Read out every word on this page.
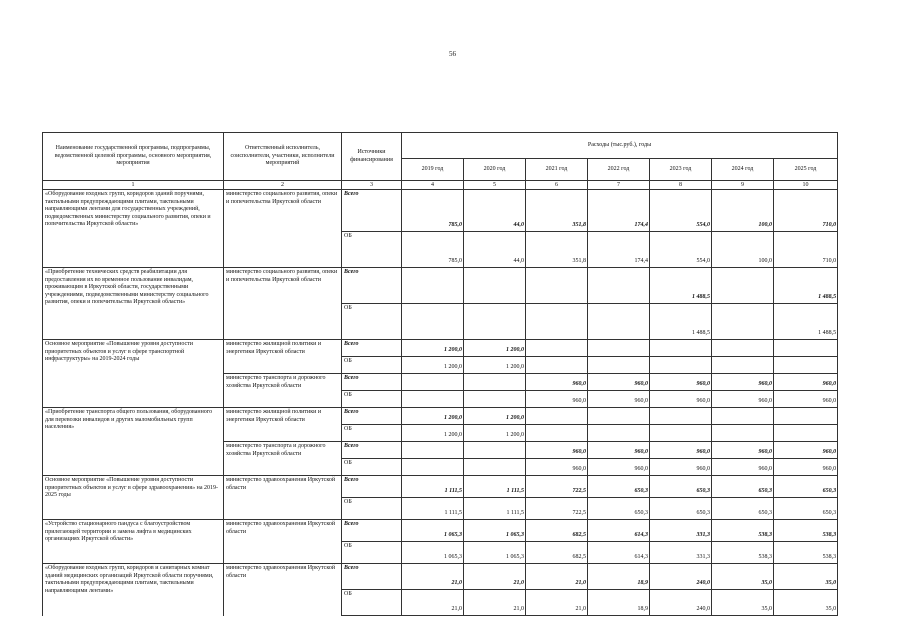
56
Наименование государственной программы, подпрограммы, ведомственной целевой программы, основного мероприятия, мероприятия	Ответственный исполнитель, соисполнители, участники, исполнители мероприятий	Источники финансирования	Расходы (тыс.руб.), годы						
			2019 год	2020 год	2021 год	2022 год	2023 год	2024 год	2025 год
1	2	3	4	5	6	7	8	9	10
«Оборудование входных групп, коридоров зданий поручнями, тактильными предупреждающими плитами, тактильными направляющими лентами для государственных учреждений, подведомственных министерству социального развития, опеки и попечительства Иркутской области»	министерство социального развития, опеки и попечительства Иркутской области	Всего	785,0	44,0	351,8	174,4	554,0	100,0	710,0
		ОБ	785,0	44,0	351,8	174,4	554,0	100,0	710,0
«Приобретение технических средств реабилитации для предоставления их во временное пользование инвалидам, проживающим в Иркутской области, государственными учреждениями, подведомственными министерству социального развития, опеки и попечительства Иркутской области»	министерство социального развития, опеки и попечительства Иркутской области	Всего					1 488,5		1 488,5
		ОБ					1 488,5		1 488,5
Основное мероприятие «Повышение уровня доступности приоритетных объектов и услуг в сфере транспортной инфраструктуры» на 2019-2024 годы	министерство жилищной политики и энергетики Иркутской области	Всего	1 200,0	1 200,0					
		ОБ	1 200,0	1 200,0					
	министерство транспорта и дорожного хозяйства Иркутской области	Всего			960,0	960,0	960,0	960,0	960,0
		ОБ			960,0	960,0	960,0	960,0	960,0
«Приобретение транспорта общего пользования, оборудованного для перевозки инвалидов и других маломобильных групп населения»	министерство жилищной политики и энергетики Иркутской области	Всего	1 200,0	1 200,0					
		ОБ	1 200,0	1 200,0					
	министерство транспорта и дорожного хозяйства Иркутской области	Всего			960,0	960,0	960,0	960,0	960,0
		ОБ			960,0	960,0	960,0	960,0	960,0
Основное мероприятие «Повышение уровня доступности приоритетных объектов и услуг в сфере здравоохранения» на 2019-2025 годы	министерство здравоохранения Иркутской области	Всего	1 111,5	1 111,5	722,5	650,3	650,3	650,3	650,3
		ОБ	1 111,5	1 111,5	722,5	650,3	650,3	650,3	650,3
«Устройство стационарного пандуса с благоустройством прилегающей территории и замена лифта в медицинских организациях Иркутской области»	министерство здравоохранения Иркутской области	Всего	1 065,3	1 065,3	682,5	614,3	331,3	538,3	538,3
		ОБ	1 065,3	1 065,3	682,5	614,3	331,3	538,3	538,3
«Оборудование входных групп, коридоров и санитарных комнат зданий медицинских организаций Иркутской области поручнями, тактильными предупреждающими плитами, тактильными направляющими лентами»	министерство здравоохранения Иркутской области	Всего	21,0	21,0	21,0	18,9	240,0	35,0	35,0
		ОБ	21,0	21,0	21,0	18,9	240,0	35,0	35,0
